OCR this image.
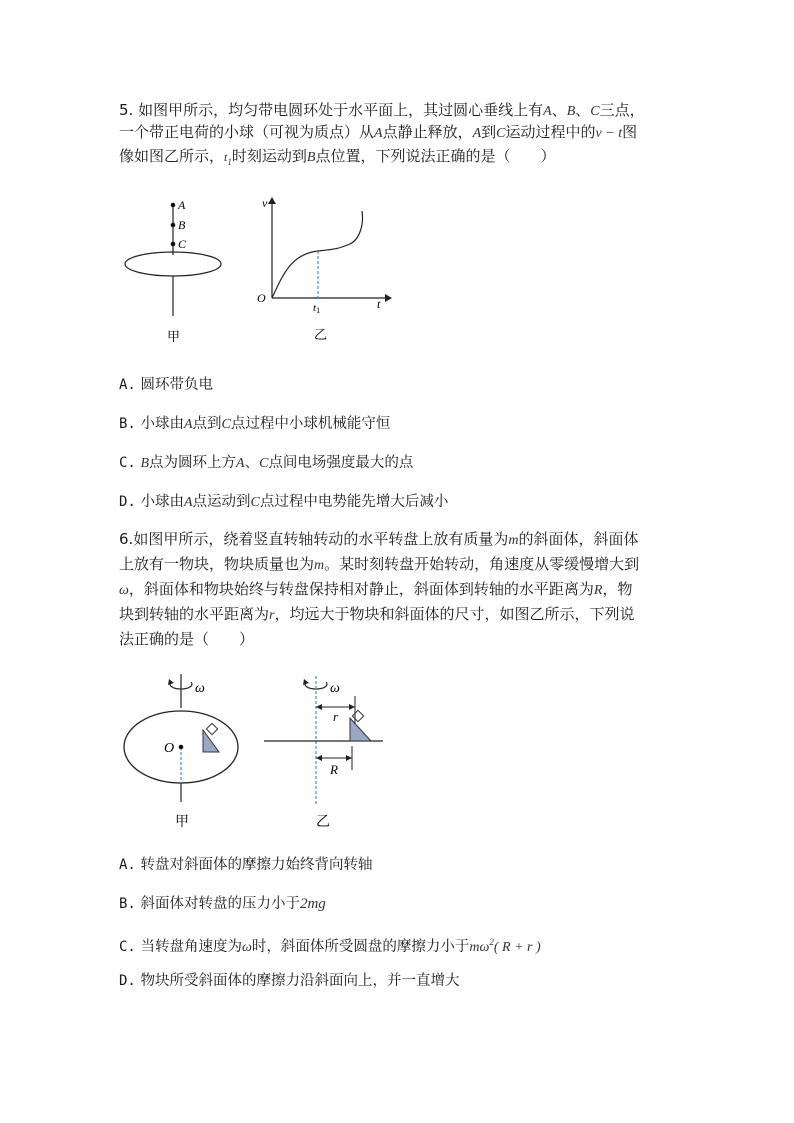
5. 如图甲所示，均匀带电圆环处于水平面上，其过圆心垂线上有A、B、C三点，
一个带正电荷的小球（可视为质点）从A点静止释放，A到C运动过程中的v − t图
像如图乙所示，$t_1$时刻运动到B点位置，下列说法正确的是（　　）
A
B
C
甲
v
O	t
t1
乙
A. 圆环带负电
B. 小球由A点到C点过程中小球机械能守恒
C. B点为圆环上方A、C点间电场强度最大的点
D. 小球由A点运动到C点过程中电势能先增大后减小
6.如图甲所示，绕着竖直转轴转动的水平转盘上放有质量为m的斜面体，斜面体
上放有一物块，物块质量也为m。某时刻转盘开始转动，角速度从零缓慢增大到
ω，斜面体和物块始终与转盘保持相对静止，斜面体到转轴的水平距离为R，物
块到转轴的水平距离为r，均远大于物块和斜面体的尺寸，如图乙所示，下列说
法正确的是（　　）
ω
O
甲
ω
r
R
乙
A. 转盘对斜面体的摩擦力始终背向转轴
B. 斜面体对转盘的压力小于2mg
C. 当转盘角速度为ω时，斜面体所受圆盘的摩擦力小于$m\omega^2$( R + r )
D. 物块所受斜面体的摩擦力沿斜面向上，并一直增大
